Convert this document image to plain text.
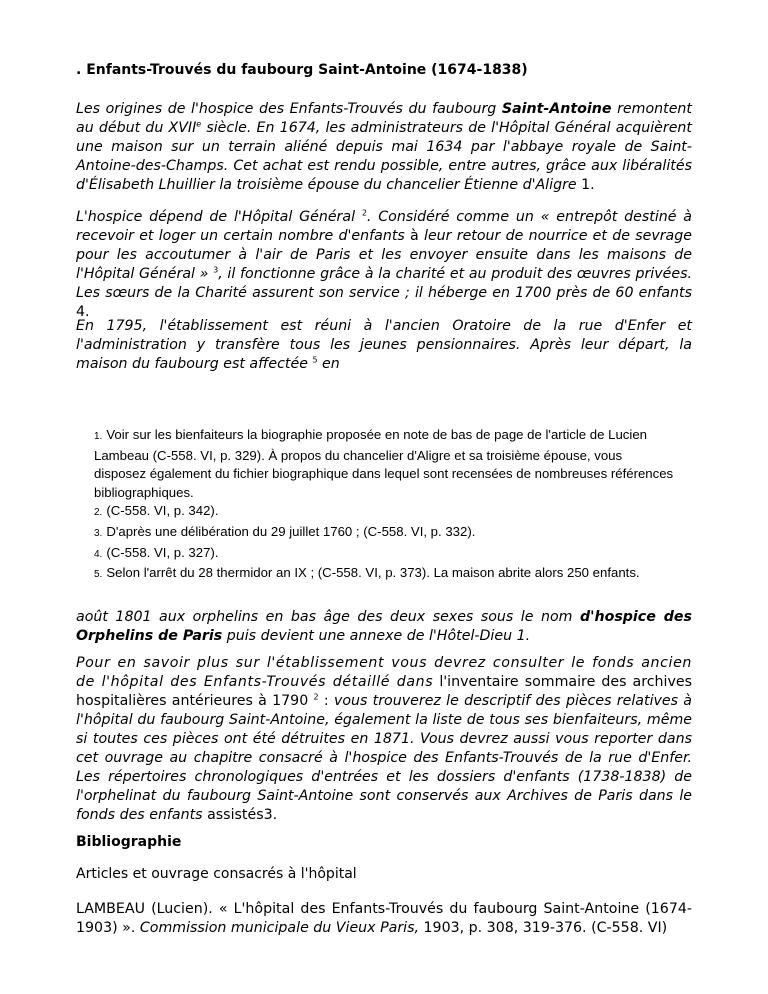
. Enfants-Trouvés du faubourg Saint-Antoine (1674-1838)
Les origines de l'hospice des Enfants-Trouvés du faubourg Saint-Antoine remontent au début du XVIIe siècle. En 1674, les administrateurs de l'Hôpital Général acquièrent une maison sur un terrain aliéné depuis mai 1634 par l'abbaye royale de Saint-Antoine-des-Champs. Cet achat est rendu possible, entre autres, grâce aux libéralités d'Élisabeth Lhuillier la troisième épouse du chancelier Étienne d'Aligre 1.
L'hospice dépend de l'Hôpital Général $^2$. Considéré comme un « entrepôt destiné à recevoir et loger un certain nombre d'enfants à leur retour de nourrice et de sevrage pour les accoutumer à l'air de Paris et les envoyer ensuite dans les maisons de l'Hôpital Général » $^3$, il fonctionne grâce à la charité et au produit des œuvres privées. Les sœurs de la Charité assurent son service ; il héberge en 1700 près de 60 enfants 4.
En 1795, l'établissement est réuni à l'ancien Oratoire de la rue d'Enfer et l'administration y transfère tous les jeunes pensionnaires. Après leur départ, la maison du faubourg est affectée $^5$ en
1. Voir sur les bienfaiteurs la biographie proposée en note de bas de page de l'article de Lucien Lambeau (C-558. VI, p. 329). À propos du chancelier d'Aligre et sa troisième épouse, vous disposez également du fichier biographique dans lequel sont recensées de nombreuses références bibliographiques.
2. (C-558. VI, p. 342).
3. D'après une délibération du 29 juillet 1760 ; (C-558. VI, p. 332).
4. (C-558. VI, p. 327).
5. Selon l'arrêt du 28 thermidor an IX ; (C-558. VI, p. 373). La maison abrite alors 250 enfants.
août 1801 aux orphelins en bas âge des deux sexes sous le nom d'hospice des Orphelins de Paris puis devient une annexe de l'Hôtel-Dieu 1.
Pour en savoir plus sur l'établissement vous devrez consulter le fonds ancien de l'hôpital des Enfants-Trouvés détaillé dans l'inventaire sommaire des archives hospitalières antérieures à 1790 $^2$ : vous trouverez le descriptif des pièces relatives à l'hôpital du faubourg Saint-Antoine, également la liste de tous ses bienfaiteurs, même si toutes ces pièces ont été détruites en 1871. Vous devrez aussi vous reporter dans cet ouvrage au chapitre consacré à l'hospice des Enfants-Trouvés de la rue d'Enfer. Les répertoires chronologiques d'entrées et les dossiers d'enfants (1738-1838) de l'orphelinat du faubourg Saint-Antoine sont conservés aux Archives de Paris dans le fonds des enfants assistés3.
Bibliographie
Articles et ouvrage consacrés à l'hôpital
LAMBEAU (Lucien). « L'hôpital des Enfants-Trouvés du faubourg Saint-Antoine (1674-1903) ». Commission municipale du Vieux Paris, 1903, p. 308, 319-376. (C-558. VI)
